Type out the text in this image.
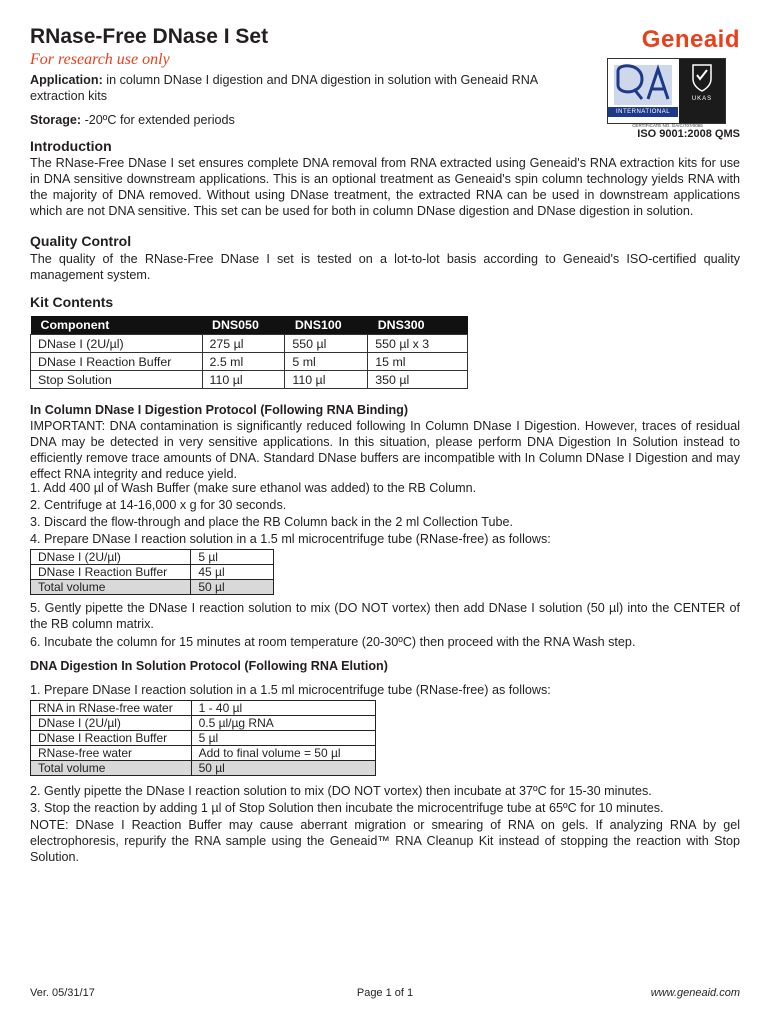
RNase-Free DNase I Set
For research use only
Application: in column DNase I digestion and DNA digestion in solution with Geneaid RNA extraction kits
Storage: -20ºC for extended periods
Geneaid
INTERNATIONAL
UKAS
CERTIFICATE NO. GA/C/707/0065
ISO 9001:2008 QMS
Introduction
The RNase-Free DNase I set ensures complete DNA removal from RNA extracted using Geneaid's RNA extraction kits for use in DNA sensitive downstream applications. This is an optional treatment as Geneaid's spin column technology yields RNA with the majority of DNA removed. Without using DNase treatment, the extracted RNA can be used in downstream applications which are not DNA sensitive. This set can be used for both in column DNase digestion and DNase digestion in solution.
Quality Control
The quality of the RNase-Free DNase I set is tested on a lot-to-lot basis according to Geneaid's ISO-certified quality management system.
Kit Contents
Component	DNS050	DNS100	DNS300
DNase I (2U/µl)	275 µl	550 µl	550 µl x 3
DNase I Reaction Buffer	2.5 ml	5 ml	15 ml
Stop Solution	110 µl	110 µl	350 µl
In Column DNase I Digestion Protocol (Following RNA Binding)
IMPORTANT: DNA contamination is significantly reduced following In Column DNase I Digestion. However, traces of residual DNA may be detected in very sensitive applications. In this situation, please perform DNA Digestion In Solution instead to efficiently remove trace amounts of DNA. Standard DNase buffers are incompatible with In Column DNase I Digestion and may effect RNA integrity and reduce yield.
1. Add 400 µl of Wash Buffer (make sure ethanol was added) to the RB Column.
2. Centrifuge at 14-16,000 x g for 30 seconds.
3. Discard the flow-through and place the RB Column back in the 2 ml Collection Tube.
4. Prepare DNase I reaction solution in a 1.5 ml microcentrifuge tube (RNase-free) as follows:
DNase I (2U/µl)	5 µl
DNase I Reaction Buffer	45 µl
Total volume	50 µl
5. Gently pipette the DNase I reaction solution to mix (DO NOT vortex) then add DNase I solution (50 µl) into the CENTER of the RB column matrix.
6. Incubate the column for 15 minutes at room temperature (20-30ºC) then proceed with the RNA Wash step.
DNA Digestion In Solution Protocol (Following RNA Elution)
1. Prepare DNase I reaction solution in a 1.5 ml microcentrifuge tube (RNase-free) as follows:
RNA in RNase-free water	1 - 40 µl
DNase I (2U/µl)	0.5 µl/µg RNA
DNase I Reaction Buffer	5 µl
RNase-free water	Add to final volume = 50 µl
Total volume	50 µl
2. Gently pipette the DNase I reaction solution to mix (DO NOT vortex) then incubate at 37ºC for 15-30 minutes.
3. Stop the reaction by adding 1 µl of Stop Solution then incubate the microcentrifuge tube at 65ºC for 10 minutes.
NOTE: DNase I Reaction Buffer may cause aberrant migration or smearing of RNA on gels. If analyzing RNA by gel electrophoresis, repurify the RNA sample using the Geneaid™ RNA Cleanup Kit instead of stopping the reaction with Stop Solution.
Ver. 05/31/17	Page 1 of 1	www.geneaid.com
